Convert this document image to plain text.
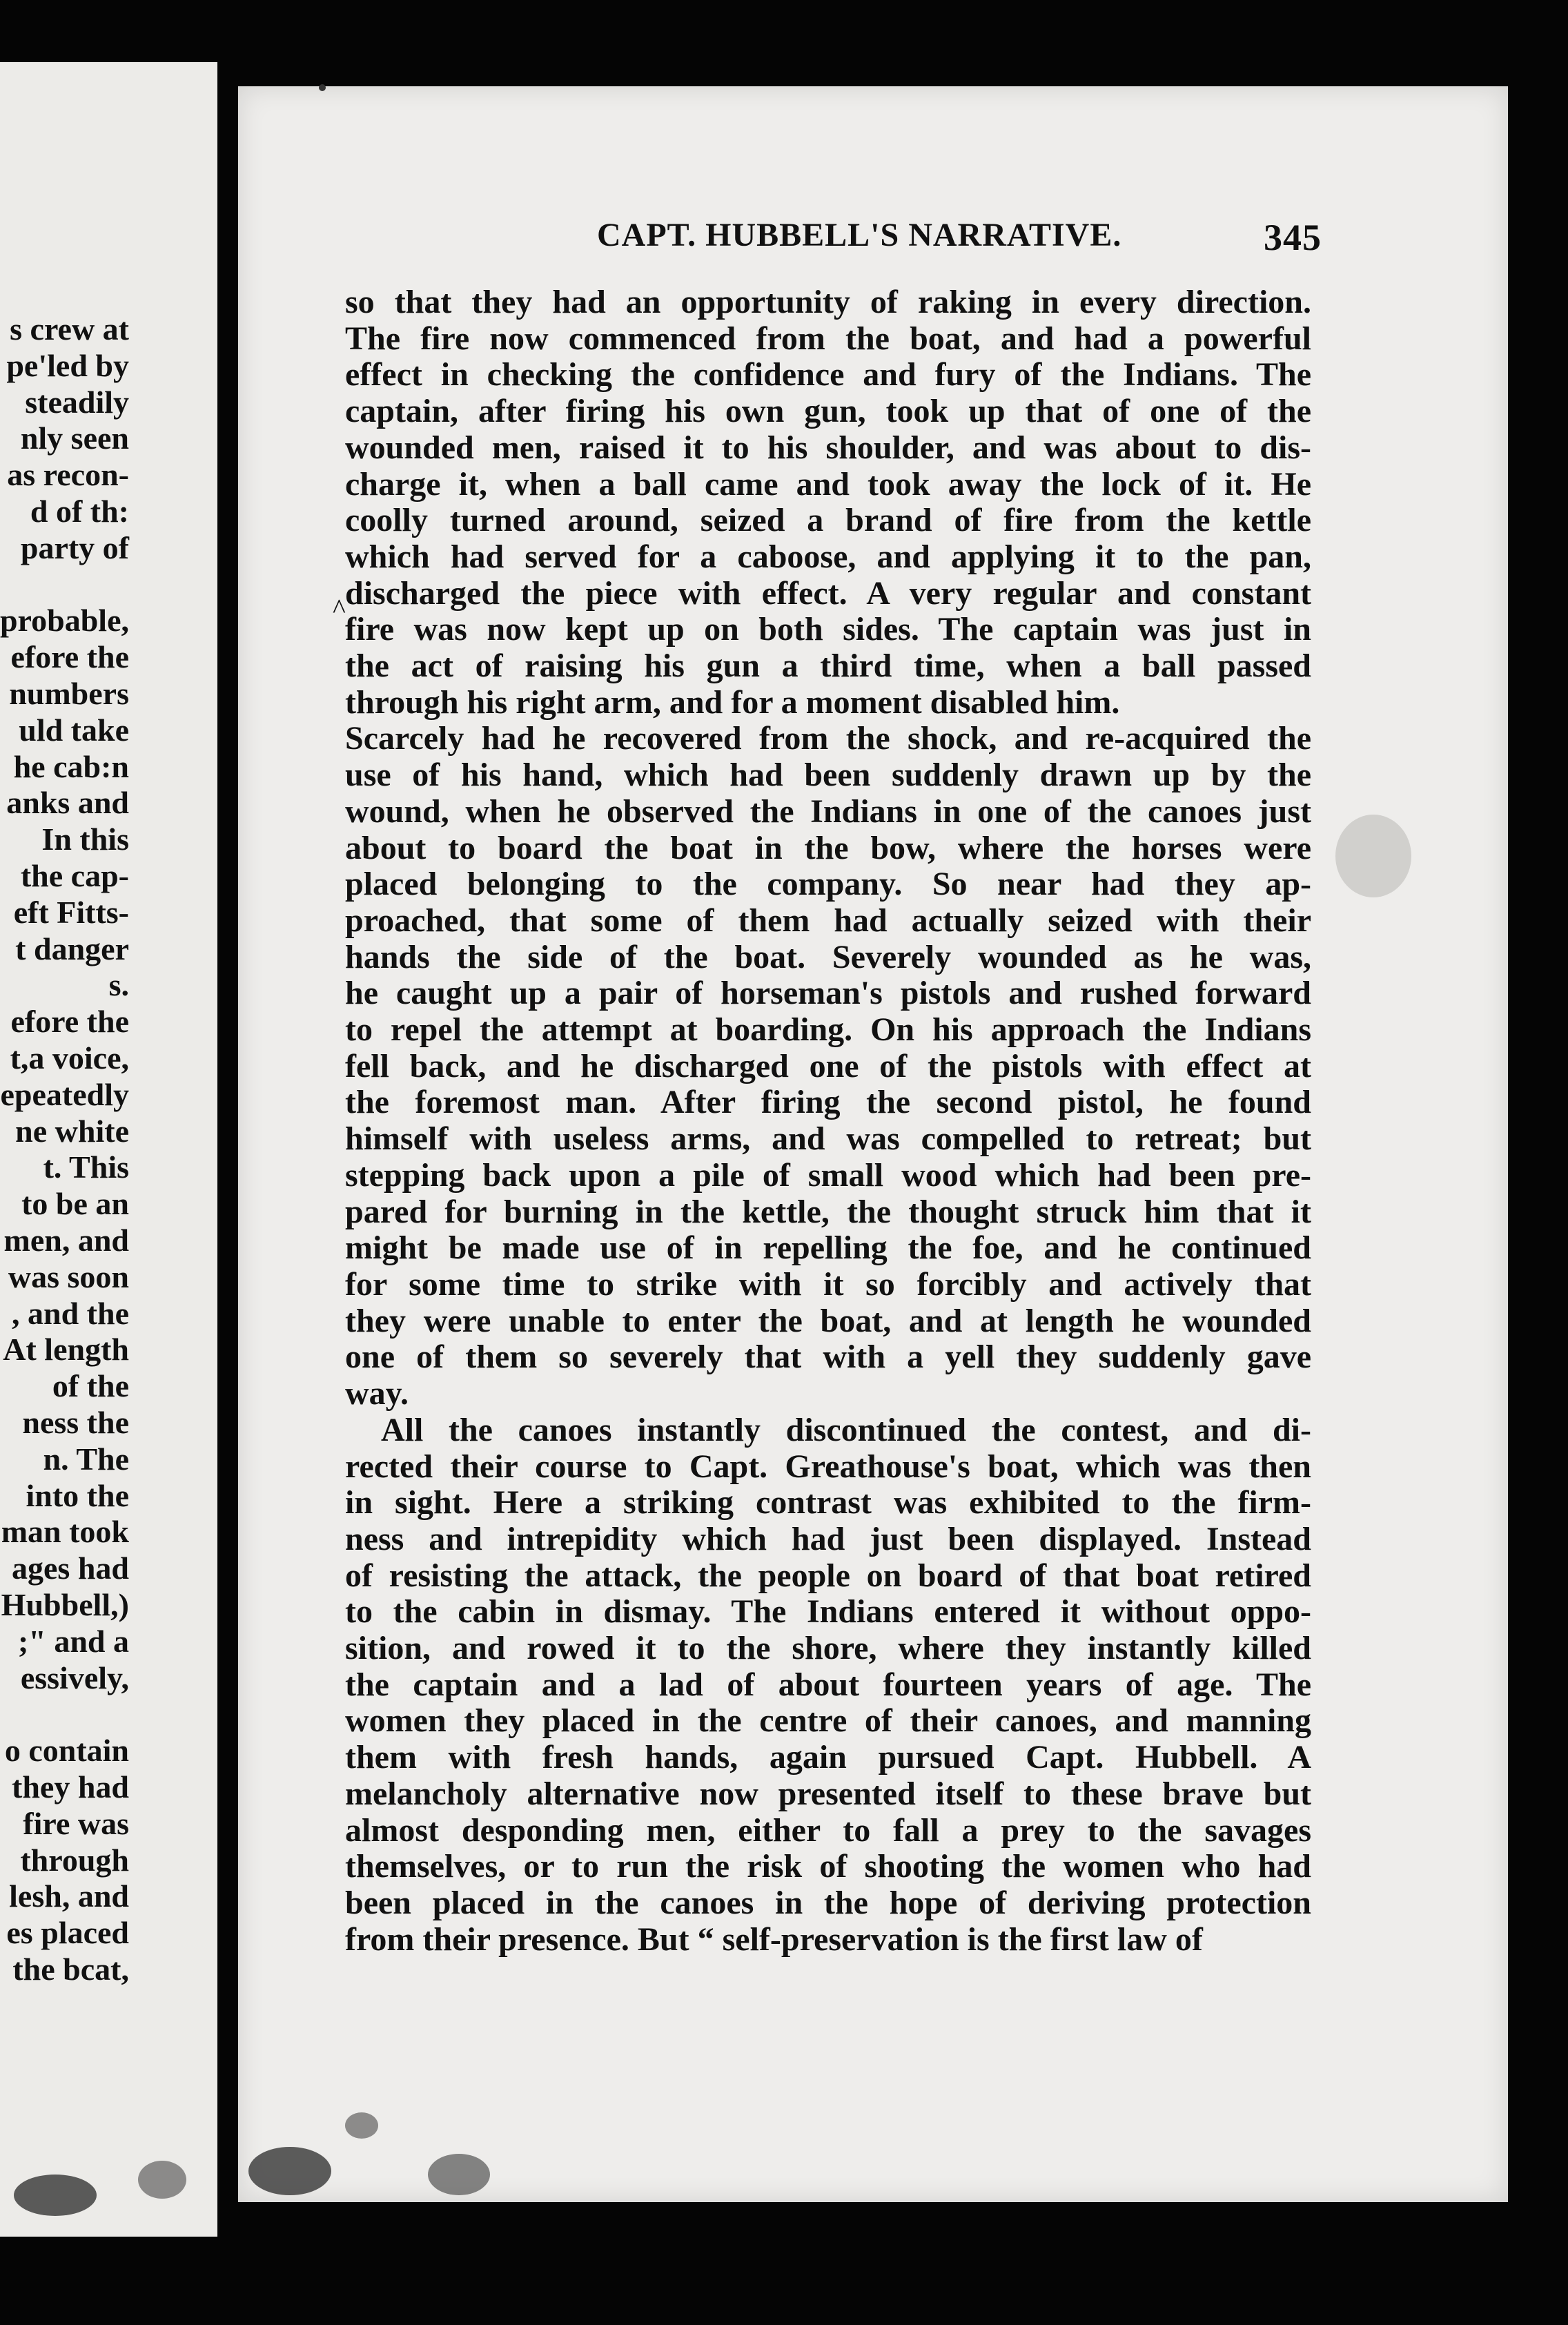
s crew at
pe'led by
steadily
nly seen
as recon-
d of th:
party of
probable,
efore the
numbers
uld take
he cab:n
anks and
In this
the cap-
eft Fitts-
t danger
s.
efore the
t,a voice,
epeatedly
ne white
t. This
to be an
men, and
was soon
, and the
At length
of the
ness the
n. The
into the
man took
ages had
Hubbell,)
;" and a
essively,
o contain
they had
fire was
through
lesh, and
es placed
the bcat,
CAPT. HUBBELL'S NARRATIVE.	345
^
so that they had an opportunity of raking in every direction.
The fire now commenced from the boat, and had a powerful
effect in checking the confidence and fury of the Indians. The
captain, after firing his own gun, took up that of one of the
wounded men, raised it to his shoulder, and was about to dis-
charge it, when a ball came and took away the lock of it. He
coolly turned around, seized a brand of fire from the kettle
which had served for a caboose, and applying it to the pan,
discharged the piece with effect. A very regular and constant
fire was now kept up on both sides. The captain was just in
the act of raising his gun a third time, when a ball passed
through his right arm, and for a moment disabled him.
Scarcely had he recovered from the shock, and re-acquired the
use of his hand, which had been suddenly drawn up by the
wound, when he observed the Indians in one of the canoes just
about to board the boat in the bow, where the horses were
placed belonging to the company. So near had they ap-
proached, that some of them had actually seized with their
hands the side of the boat. Severely wounded as he was,
he caught up a pair of horseman's pistols and rushed forward
to repel the attempt at boarding. On his approach the Indians
fell back, and he discharged one of the pistols with effect at
the foremost man. After firing the second pistol, he found
himself with useless arms, and was compelled to retreat; but
stepping back upon a pile of small wood which had been pre-
pared for burning in the kettle, the thought struck him that it
might be made use of in repelling the foe, and he continued
for some time to strike with it so forcibly and actively that
they were unable to enter the boat, and at length he wounded
one of them so severely that with a yell they suddenly gave
way.
All the canoes instantly discontinued the contest, and di-
rected their course to Capt. Greathouse's boat, which was then
in sight. Here a striking contrast was exhibited to the firm-
ness and intrepidity which had just been displayed. Instead
of resisting the attack, the people on board of that boat retired
to the cabin in dismay. The Indians entered it without oppo-
sition, and rowed it to the shore, where they instantly killed
the captain and a lad of about fourteen years of age. The
women they placed in the centre of their canoes, and manning
them with fresh hands, again pursued Capt. Hubbell. A
melancholy alternative now presented itself to these brave but
almost desponding men, either to fall a prey to the savages
themselves, or to run the risk of shooting the women who had
been placed in the canoes in the hope of deriving protection
from their presence. But “ self-preservation is the first law of
